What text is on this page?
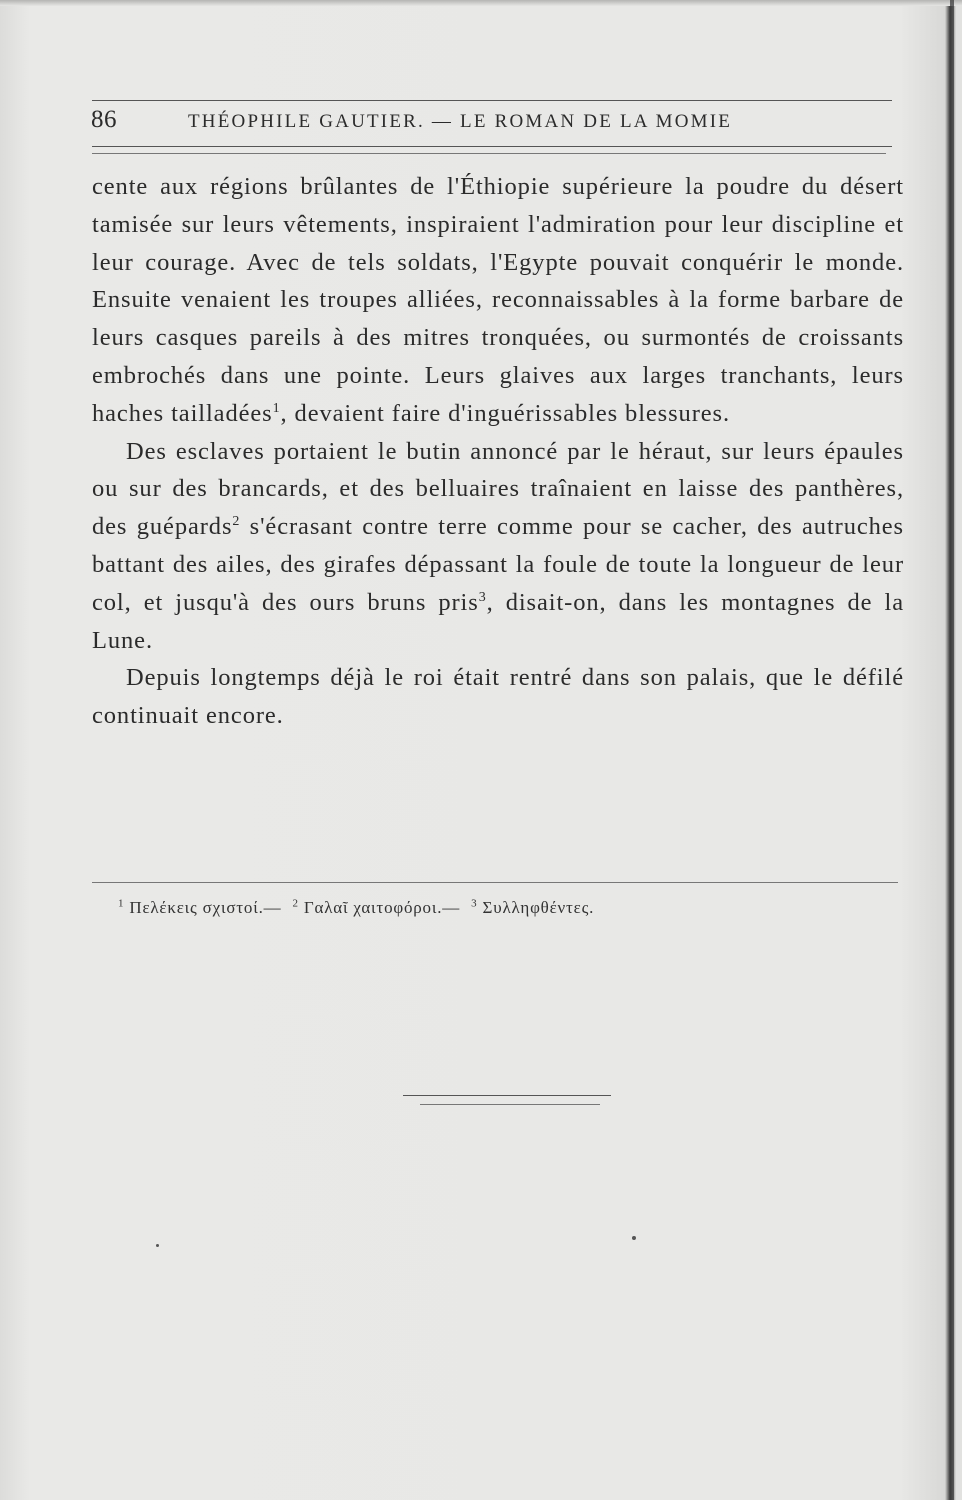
86	THÉOPHILE GAUTIER. — LE ROMAN DE LA MOMIE

cente aux régions brûlantes de l'Éthiopie supérieure la poudre du désert tamisée sur leurs vêtements, inspiraient l'admiration pour leur discipline et leur courage. Avec de tels soldats, l'Egypte pouvait conquérir le monde. Ensuite venaient les troupes alliées, reconnaissables à la forme barbare de leurs casques pareils à des mitres tronquées, ou surmontés de croissants embrochés dans une pointe. Leurs glaives aux larges tranchants, leurs haches tailladées$^1$, devaient faire d'inguérissables blessures.

Des esclaves portaient le butin annoncé par le héraut, sur leurs épaules ou sur des brancards, et des belluaires traînaient en laisse des panthères, des guépards$^2$ s'écrasant contre terre comme pour se cacher, des autruches battant des ailes, des girafes dépassant la foule de toute la longueur de leur col, et jusqu'à des ours bruns pris$^3$, disait-on, dans les montagnes de la Lune.

Depuis longtemps déjà le roi était rentré dans son palais, que le défilé continuait encore.

$^1$ Πελέκεις σχιστοί.— $^2$ Γαλαῖ χαιτοφόροι.— $^3$ Συλληφθέντες.
